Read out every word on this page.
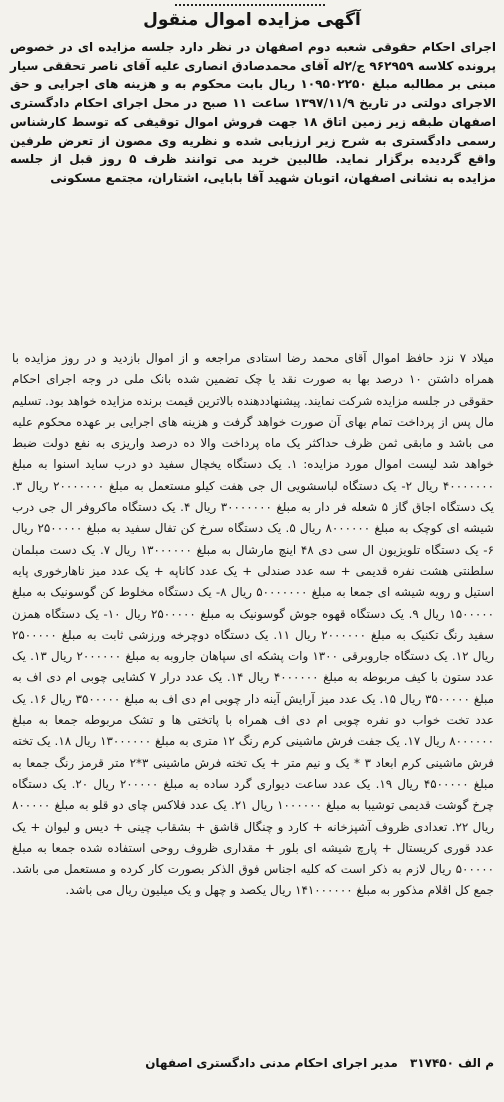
آگهی مزایده اموال منقول
اجرای احکام حقوقی شعبه دوم اصفهان در نظر دارد جلسه مزایده ای در خصوص پرونده کلاسه ۹۶۲۹۵۹ ج/۲له آقای محمدصادق انصاری علیه آقای ناصر تحققی سیار مبنی بر مطالبه مبلغ ۱۰۹۵۰۲۲۵۰ ریال بابت محکوم به و هزینه های اجرایی و حق الاجرای دولتی در تاریخ ۱۳۹۷/۱۱/۹ ساعت ۱۱ صبح در محل اجرای احکام دادگستری اصفهان طبقه زیر زمین اتاق ۱۸ جهت فروش اموال توقیفی که توسط کارشناس رسمی دادگستری به شرح زیر ارزیابی شده و نظریه وی مصون از تعرض طرفین واقع گردیده برگزار نماید. طالبین خرید می توانند ظرف ۵ روز قبل از جلسه مزایده به نشانی اصفهان، اتوبان شهید آقا بابایی، اشتاران، مجتمع مسکونی
میلاد ۷ نزد حافظ اموال آقای محمد رضا استادی مراجعه و از اموال بازدید و در روز مزایده با همراه داشتن ۱۰ درصد بها به صورت نقد یا چک تضمین شده بانک ملی در وجه اجرای احکام حقوقی در جلسه مزایده شرکت نمایند. پیشنهاددهنده بالاترین قیمت برنده مزایده خواهد بود. تسلیم مال پس از پرداخت تمام بهای آن صورت خواهد گرفت و هزینه های اجرایی بر عهده محکوم علیه می باشد و مابقی ثمن ظرف حداکثر یک ماه پرداخت والا ده درصد واریزی به نفع دولت ضبط خواهد شد لیست اموال مورد مزایده: ۱. یک دستگاه یخچال سفید دو درب ساید اسنوا به مبلغ ۴۰۰۰۰۰۰۰ ریال ۲- یک دستگاه لباسشویی ال جی هفت کیلو مستعمل به مبلغ ۲۰۰۰۰۰۰۰ ریال ۳. یک دستگاه اجاق گاز ۵ شعله فر دار به مبلغ ۳۰۰۰۰۰۰۰ ریال ۴. یک دستگاه ماکروفر ال جی درب شیشه ای کوچک به مبلغ ۸۰۰۰۰۰۰ ریال ۵. یک دستگاه سرخ کن تفال سفید به مبلغ ۲۵۰۰۰۰۰ ریال ۶- یک دستگاه تلویزیون ال سی دی ۴۸ اینچ مارشال به مبلغ ۱۳۰۰۰۰۰۰ ریال ۷. یک دست مبلمان سلطنتی هشت نفره قدیمی + سه عدد صندلی + یک عدد کاناپه + یک عدد میز ناهارخوری پایه استیل و رویه شیشه ای جمعا به مبلغ ۵۰۰۰۰۰۰۰ ریال ۸- یک دستگاه مخلوط کن گوسونیک به مبلغ ۱۵۰۰۰۰۰ ریال ۹. یک دستگاه قهوه جوش گوسونیک به مبلغ ۲۵۰۰۰۰۰ ریال ۱۰- یک دستگاه همزن سفید رنگ تکنیک به مبلغ ۲۰۰۰۰۰۰ ریال ۱۱. یک دستگاه دوچرخه ورزشی ثابت به مبلغ ۲۵۰۰۰۰۰ ریال ۱۲. یک دستگاه جاروبرقی ۱۳۰۰ وات پشکه ای سپاهان جاروبه به مبلغ ۲۰۰۰۰۰۰ ریال ۱۳. یک عدد ستون با کیف مربوطه به مبلغ ۴۰۰۰۰۰۰ ریال ۱۴. یک عدد درار ۷ کشایی چوبی ام دی اف به مبلغ ۳۵۰۰۰۰۰ ریال ۱۵. یک عدد میز آرایش آینه دار چوبی ام دی اف به مبلغ ۳۵۰۰۰۰۰ ریال ۱۶. یک عدد تخت خواب دو نفره چوبی ام دی اف همراه با پاتختی ها و تشک مربوطه جمعا به مبلغ ۸۰۰۰۰۰۰ ریال ۱۷. یک جفت فرش ماشینی کرم رنگ ۱۲ متری به مبلغ ۱۳۰۰۰۰۰۰ ریال ۱۸. یک تخته فرش ماشینی کرم ابعاد ۳ * یک و نیم متر + یک تخته فرش ماشینی ۳*۲ متر قرمز رنگ جمعا به مبلغ ۴۵۰۰۰۰۰ ریال ۱۹. یک عدد ساعت دیواری گرد ساده به مبلغ ۲۰۰۰۰۰ ریال ۲۰. یک دستگاه چرخ گوشت قدیمی توشیبا به مبلغ ۱۰۰۰۰۰۰ ریال ۲۱. یک عدد فلاکس چای دو قلو به مبلغ ۸۰۰۰۰۰ ریال ۲۲. تعدادی ظروف آشپزخانه + کارد و چنگال قاشق + بشقاب چینی + دیس و لیوان + یک عدد قوری کریستال + پارچ شیشه ای بلور + مقداری ظروف روحی استفاده شده جمعا به مبلغ ۵۰۰۰۰۰ ریال لازم به ذکر است که کلیه اجناس فوق الذکر بصورت کار کرده و مستعمل می باشد. جمع کل اقلام مذکور به مبلغ ۱۴۱۰۰۰۰۰۰ ریال یکصد و چهل و یک میلیون ریال می باشد.
م الف ۳۱۷۴۵۰ مدیر اجرای احکام مدنی دادگستری اصفهان
